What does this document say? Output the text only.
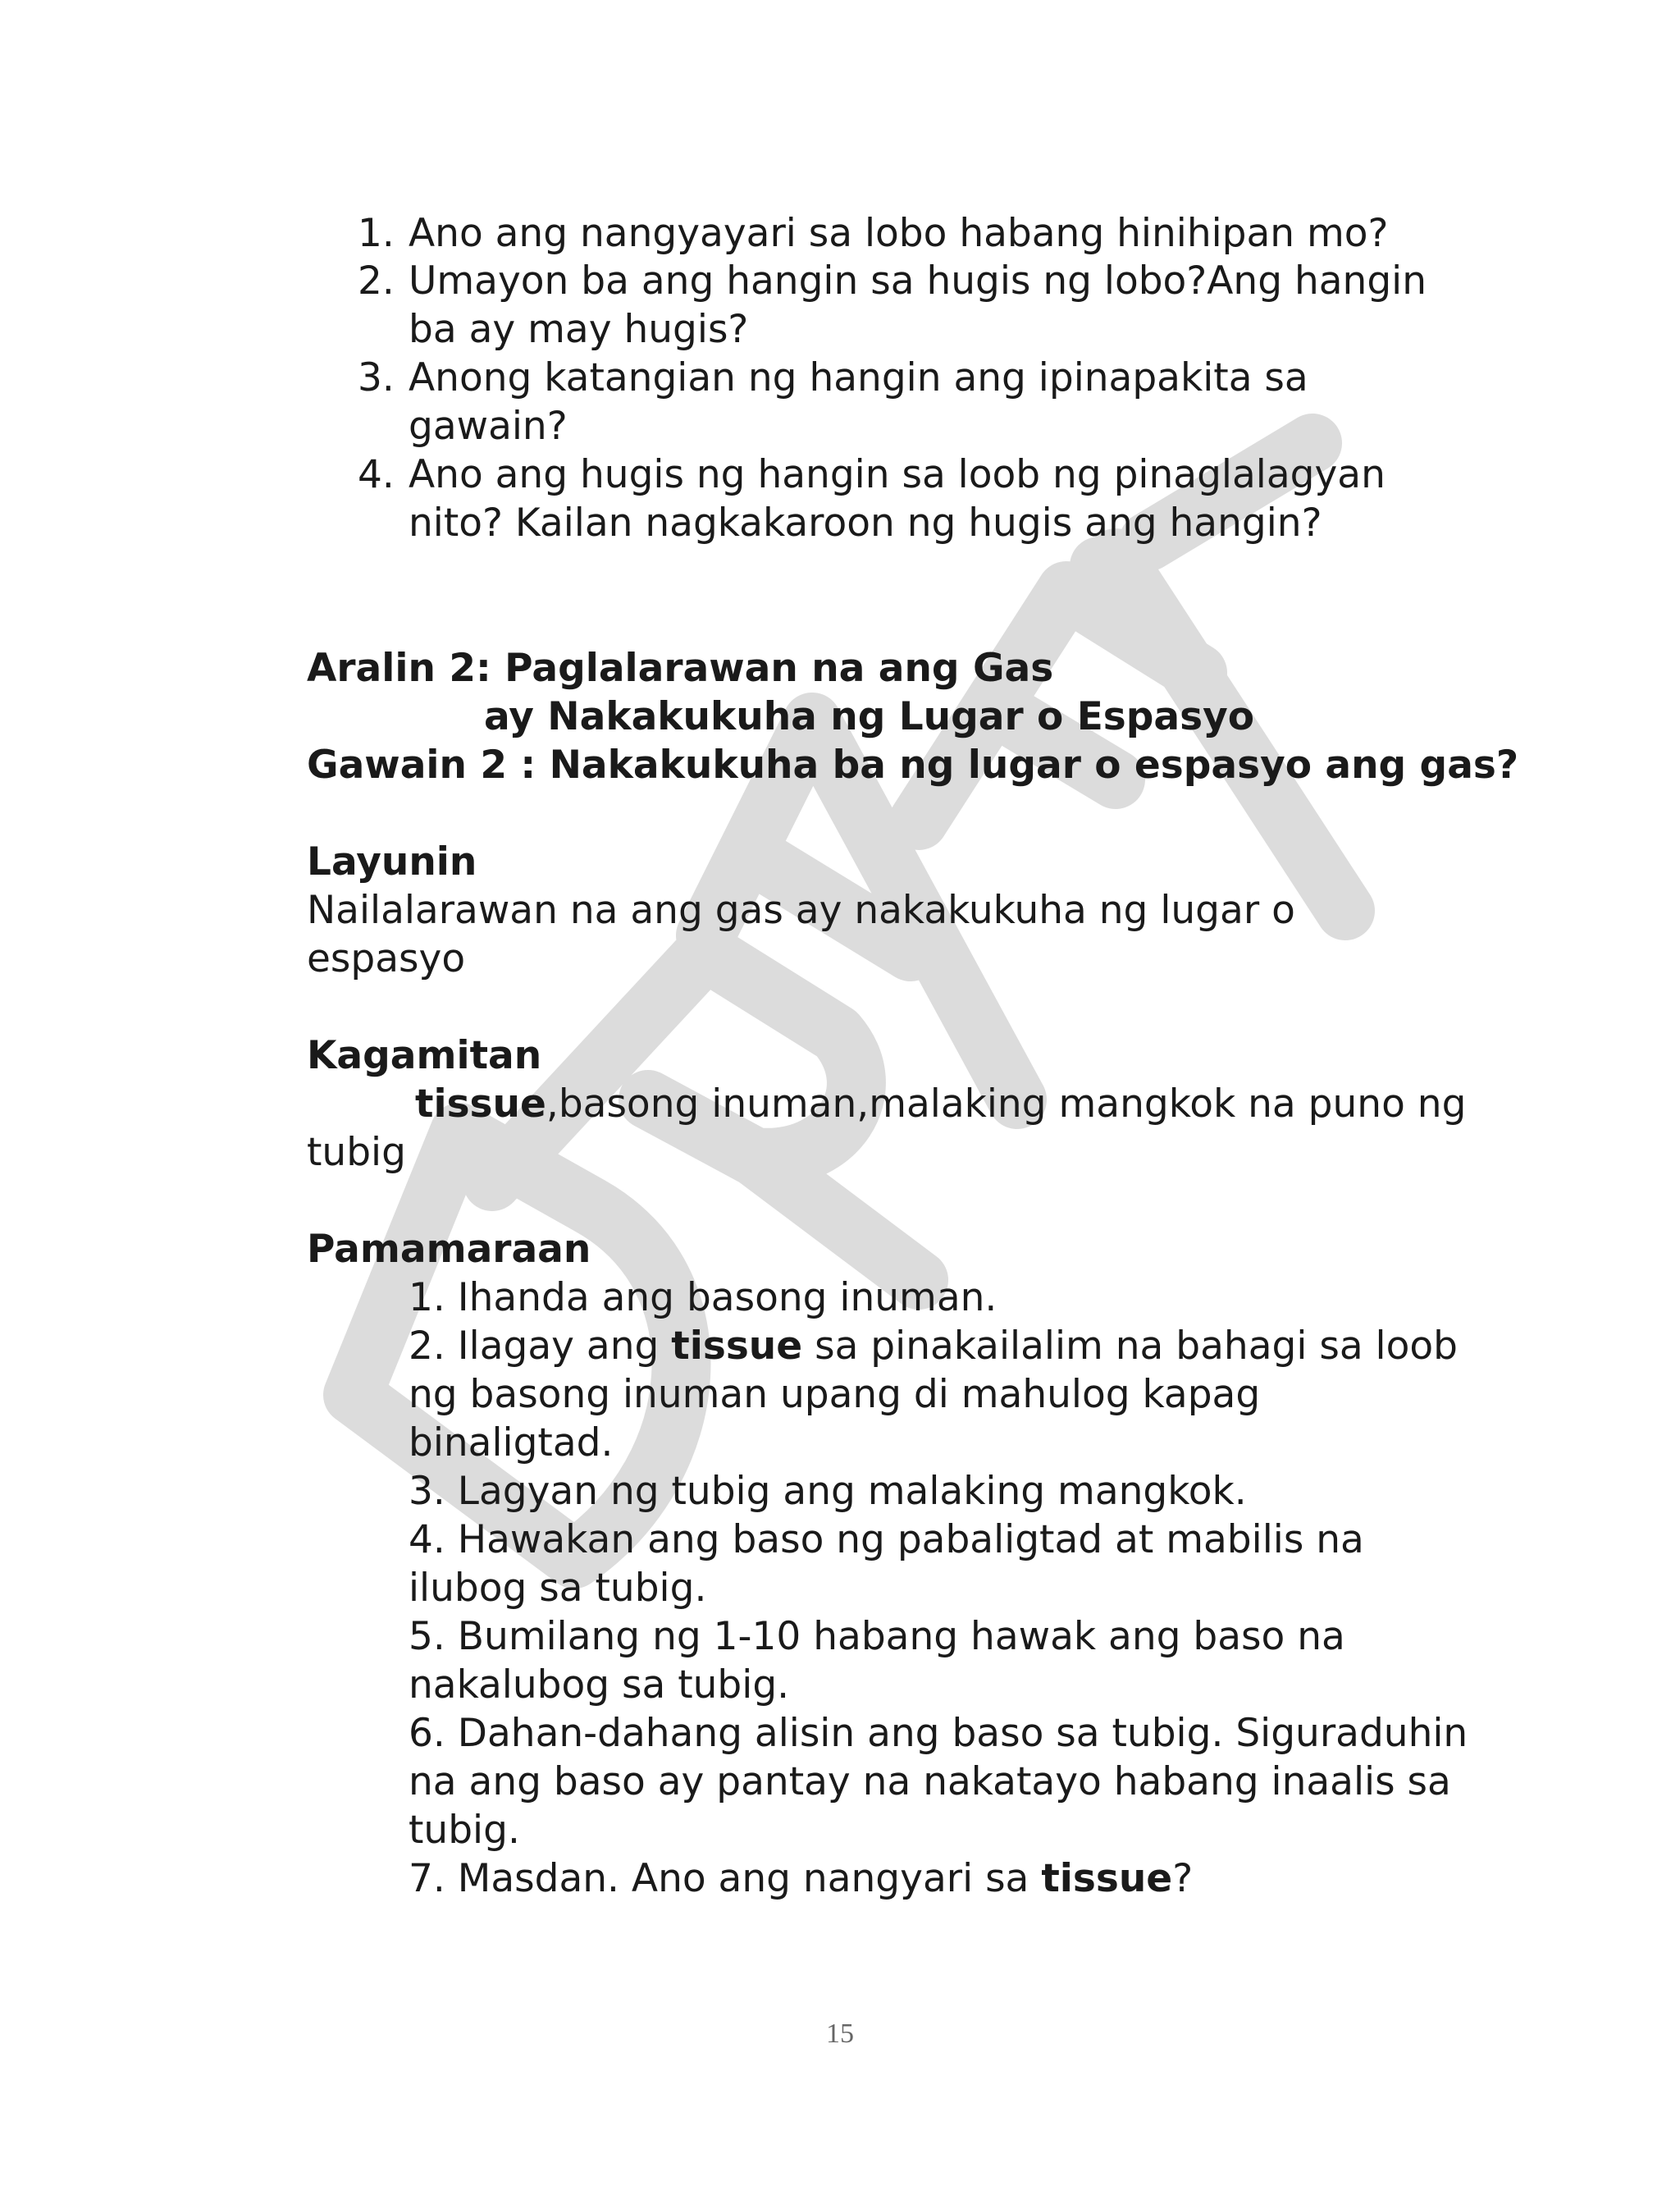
1. Ano ang nangyayari sa lobo habang hinihipan mo?
2. Umayon ba ang hangin sa hugis ng lobo?Ang hangin
ba ay may hugis?
3. Anong katangian ng hangin ang ipinapakita sa
gawain?
4. Ano ang hugis ng hangin sa loob ng pinaglalagyan
nito? Kailan nagkakaroon ng hugis ang hangin?
Aralin 2: Paglalarawan na ang Gas
ay Nakakukuha ng Lugar o Espasyo
Gawain 2 : Nakakukuha ba ng lugar o espasyo ang gas?
Layunin
Nailalarawan na ang gas ay nakakukuha ng lugar o
espasyo
Kagamitan
tissue,basong inuman,malaking mangkok na puno ng
tubig
Pamamaraan
1. Ihanda ang basong inuman.
2. Ilagay ang tissue sa pinakailalim na bahagi sa loob
ng basong inuman upang di mahulog kapag
binaligtad.
3. Lagyan ng tubig ang malaking mangkok.
4. Hawakan ang baso ng pabaligtad at mabilis na
ilubog sa tubig.
5. Bumilang ng 1-10 habang hawak ang baso na
nakalubog sa tubig.
6. Dahan-dahang alisin ang baso sa tubig. Siguraduhin
na ang baso ay pantay na nakatayo habang inaalis sa
tubig.
7. Masdan. Ano ang nangyari sa tissue?
15
